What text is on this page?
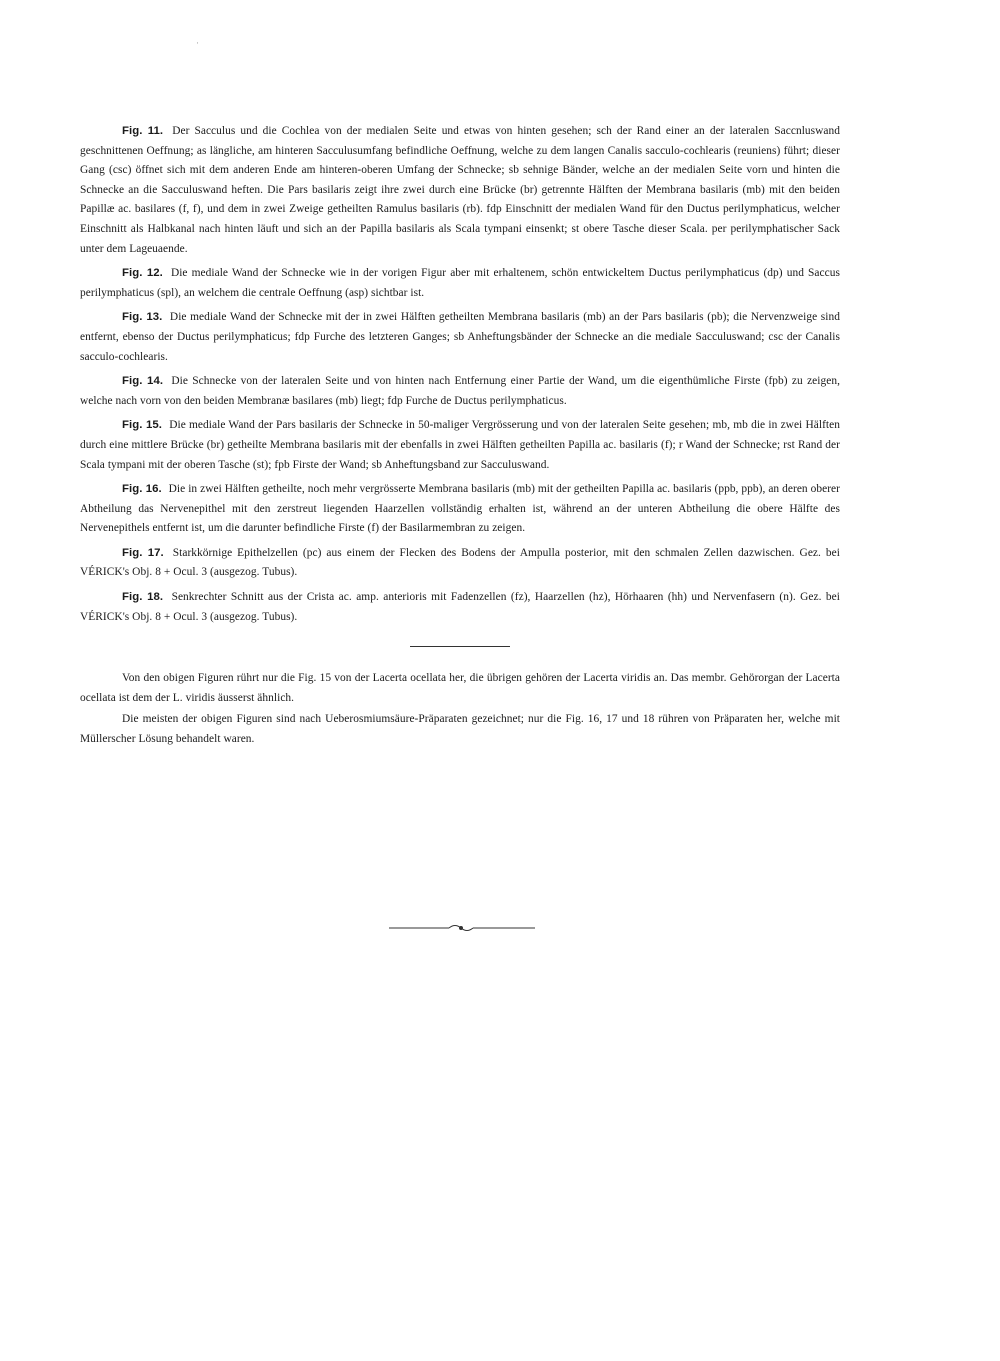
·

Fig. 11. Der Sacculus und die Cochlea von der medialen Seite und etwas von hinten gesehen; sch der Rand einer an der lateralen Saccnluswand geschnittenen Oeffnung; as längliche, am hinteren Sacculusumfang befindliche Oeffnung, welche zu dem langen Canalis sacculo-cochlearis (reuniens) führt; dieser Gang (csc) öffnet sich mit dem anderen Ende am hinteren-oberen Umfang der Schnecke; sb sehnige Bänder, welche an der medialen Seite vorn und hinten die Schnecke an die Sacculuswand heften. Die Pars basilaris zeigt ihre zwei durch eine Brücke (br) getrennte Hälften der Membrana basilaris (mb) mit den beiden Papillæ ac. basilares (f, f), und dem in zwei Zweige getheilten Ramulus basilaris (rb). fdp Einschnitt der medialen Wand für den Ductus perilymphaticus, welcher Einschnitt als Halbkanal nach hinten läuft und sich an der Papilla basilaris als Scala tympani einsenkt; st obere Tasche dieser Scala. per perilymphatischer Sack unter dem Lageuaende.

Fig. 12. Die mediale Wand der Schnecke wie in der vorigen Figur aber mit erhaltenem, schön entwickeltem Ductus perilymphaticus (dp) und Saccus perilymphaticus (spl), an welchem die centrale Oeffnung (asp) sichtbar ist.

Fig. 13. Die mediale Wand der Schnecke mit der in zwei Hälften getheilten Membrana basilaris (mb) an der Pars basilaris (pb); die Nervenzweige sind entfernt, ebenso der Ductus perilymphaticus; fdp Furche des letzteren Ganges; sb Anheftungsbänder der Schnecke an die mediale Sacculuswand; csc der Canalis sacculo-cochlearis.

Fig. 14. Die Schnecke von der lateralen Seite und von hinten nach Entfernung einer Partie der Wand, um die eigenthümliche Firste (fpb) zu zeigen, welche nach vorn von den beiden Membranæ basilares (mb) liegt; fdp Furche de Ductus perilymphaticus.

Fig. 15. Die mediale Wand der Pars basilaris der Schnecke in 50-maliger Vergrösserung und von der lateralen Seite gesehen; mb, mb die in zwei Hälften durch eine mittlere Brücke (br) getheilte Membrana basilaris mit der ebenfalls in zwei Hälften getheilten Papilla ac. basilaris (f); r Wand der Schnecke; rst Rand der Scala tympani mit der oberen Tasche (st); fpb Firste der Wand; sb Anheftungsband zur Sacculuswand.

Fig. 16. Die in zwei Hälften getheilte, noch mehr vergrösserte Membrana basilaris (mb) mit der getheilten Papilla ac. basilaris (ppb, ppb), an deren oberer Abtheilung das Nervenepithel mit den zerstreut liegenden Haarzellen vollständig erhalten ist, während an der unteren Abtheilung die obere Hälfte des Nervenepithels entfernt ist, um die darunter befindliche Firste (f) der Basilarmembran zu zeigen.

Fig. 17. Starkkörnige Epithelzellen (pc) aus einem der Flecken des Bodens der Ampulla posterior, mit den schmalen Zellen dazwischen. Gez. bei VÉRICK's Obj. 8 + Ocul. 3 (ausgezog. Tubus).

Fig. 18. Senkrechter Schnitt aus der Crista ac. amp. anterioris mit Fadenzellen (fz), Haarzellen (hz), Hörhaaren (hh) und Nervenfasern (n). Gez. bei VÉRICK's Obj. 8 + Ocul. 3 (ausgezog. Tubus).

Von den obigen Figuren rührt nur die Fig. 15 von der Lacerta ocellata her, die übrigen gehören der Lacerta viridis an. Das membr. Gehörorgan der Lacerta ocellata ist dem der L. viridis äusserst ähnlich.

Die meisten der obigen Figuren sind nach Ueberosmiumsäure-Präparaten gezeichnet; nur die Fig. 16, 17 und 18 rühren von Präparaten her, welche mit Müllerscher Lösung behandelt waren.
